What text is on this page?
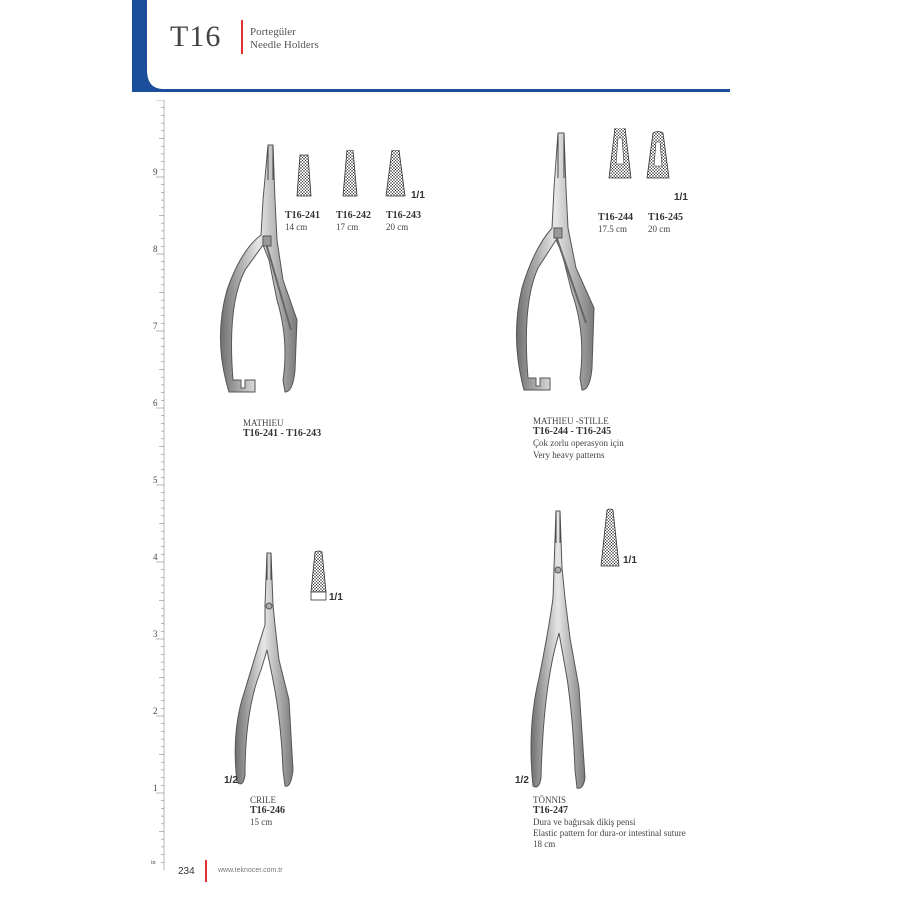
T16	Portegüler
Needle Holders
9
8
7
6
5
4
3
2
1
in
1/1
T16-241
14 cm
T16-242
17 cm
T16-243
20 cm
MATHIEU
T16-241 - T16-243
1/1
T16-244
17.5 cm
T16-245
20 cm
MATHIEU -STILLE
T16-244 - T16-245
Çok zorlu operasyon için
Very heavy patterns
1/1
1/2
CRILE
T16-246
15 cm
1/1
1/2
TÖNNIS
T16-247
Dura ve bağırsak dikiş pensi
Elastic pattern for dura-or intestinal suture
18 cm
234	www.teknocer.com.tr
